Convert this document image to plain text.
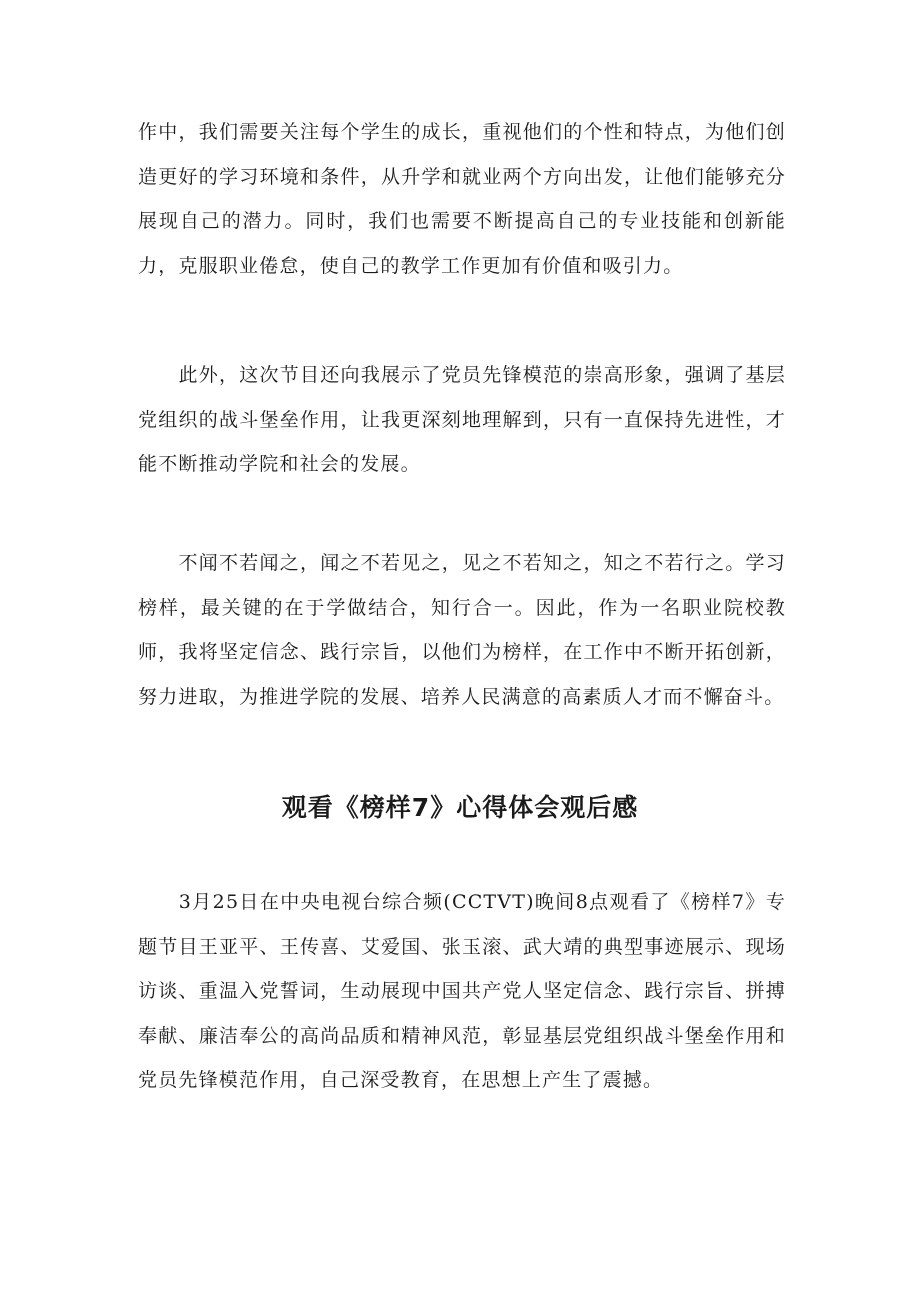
作中，我们需要关注每个学生的成长，重视他们的个性和特点，为他们创造更好的学习环境和条件，从升学和就业两个方向出发，让他们能够充分展现自己的潜力。同时，我们也需要不断提高自己的专业技能和创新能力，克服职业倦怠，使自己的教学工作更加有价值和吸引力。

　　此外，这次节目还向我展示了党员先锋模范的崇高形象，强调了基层党组织的战斗堡垒作用，让我更深刻地理解到，只有一直保持先进性，才能不断推动学院和社会的发展。

　　不闻不若闻之，闻之不若见之，见之不若知之，知之不若行之。学习榜样，最关键的在于学做结合，知行合一。因此，作为一名职业院校教师，我将坚定信念、践行宗旨，以他们为榜样，在工作中不断开拓创新，努力进取，为推进学院的发展、培养人民满意的高素质人才而不懈奋斗。

观看《榜样7》心得体会观后感

　　3月25日在中央电视台综合频(CCTVT)晚间8点观看了《榜样7》专题节目王亚平、王传喜、艾爱国、张玉滚、武大靖的典型事迹展示、现场访谈、重温入党誓词，生动展现中国共产党人坚定信念、践行宗旨、拼搏奉献、廉洁奉公的高尚品质和精神风范，彰显基层党组织战斗堡垒作用和党员先锋模范作用，自己深受教育，在思想上产生了震撼。
